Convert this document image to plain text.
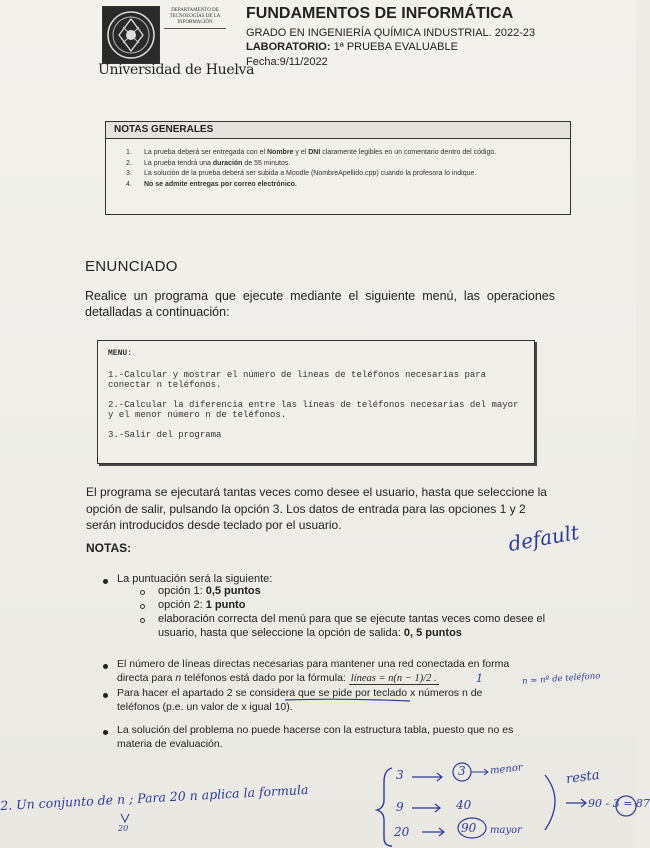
DEPARTAMENTO DE TECNOLOGÍAS DE LA INFORMACIÓN
Universidad de Huelva
FUNDAMENTOS DE INFORMÁTICA
GRADO EN INGENIERÍA QUÍMICA INDUSTRIAL. 2022-23
LABORATORIO: 1ª PRUEBA EVALUABLE
Fecha:9/11/2022
NOTAS GENERALES
1. La prueba deberá ser entregada con el Nombre y el DNI claramente legibles en un comentario dentro del código.
2. La prueba tendrá una duración de 55 minutos.
3. La solución de la prueba deberá ser subida a Moodle (NombreApellido.cpp) cuando la profesora lo indique.
4. No se admite entregas por correo electrónico.
ENUNCIADO
Realice un programa que ejecute mediante el siguiente menú, las operaciones detalladas a continuación:
MENU:

1.-Calcular y mostrar el número de líneas de teléfonos necesarias para conectar n teléfonos.

2.-Calcular la diferencia entre las líneas de teléfonos necesarias del mayor y el menor número n de teléfonos.

3.-Salir del programa

El programa se ejecutará tantas veces como desee el usuario, hasta que seleccione la opción de salir, pulsando la opción 3. Los datos de entrada para las opciones 1 y 2 serán introducidos desde teclado por el usuario.
NOTAS:
La puntuación será la siguiente:
opción 1: 0,5 puntos
opción 2: 1 punto
elaboración correcta del menú para que se ejecute tantas veces como desee el usuario, hasta que seleccione la opción de salida: 0, 5 puntos
El número de líneas directas necesarias para mantener una red conectada en forma directa para n teléfonos está dado por la fórmula: líneas = n(n − 1)/2 .
Para hacer el apartado 2 se considera que se pide por teclado x números n de teléfonos (p.e. un valor de x igual 10).
La solución del problema no puede hacerse con la estructura tabla, puesto que no es materia de evaluación.
default
1	n = nº de teléfono
2. Un conjunto de n ; Para 20 n aplica la formula
20
3	3 menor
9	40
20	90 mayor
resta
90 - 3 = 87
